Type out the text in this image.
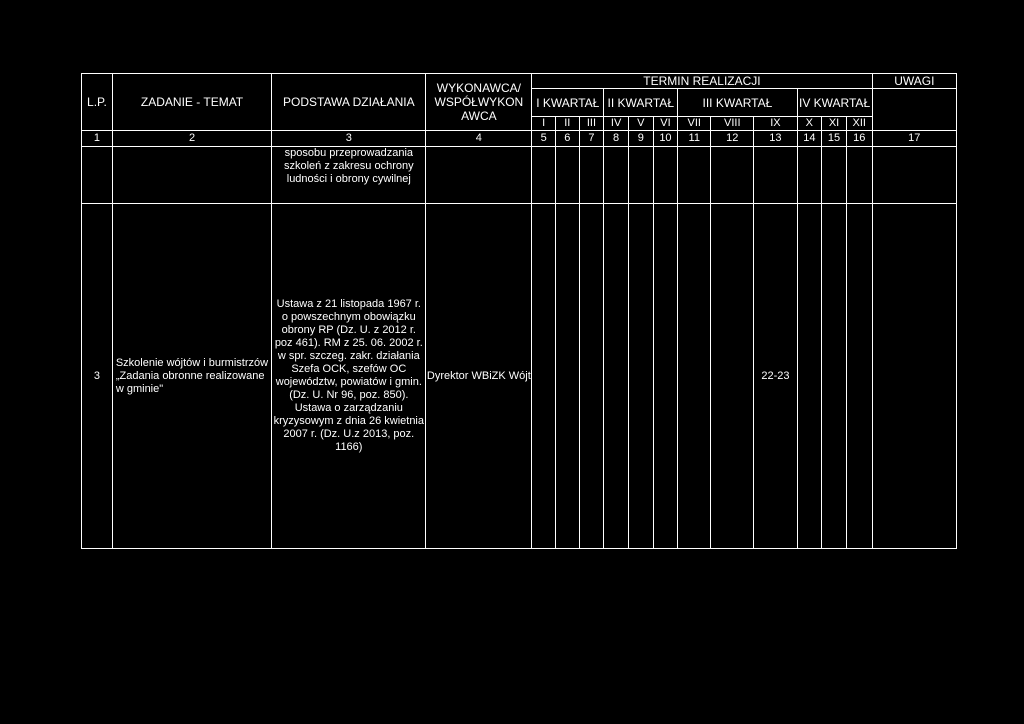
L.P.	ZADANIE - TEMAT	PODSTAWA DZIAŁANIA	WYKONAWCA/ WSPÓŁWYKON AWCA	TERMIN REALIZACJI												UWAGI
				I KWARTAŁ			II KWARTAŁ			III KWARTAŁ			IV KWARTAŁ			
				I	II	III	IV	V	VI	VII	VIII	IX	X	XI	XII	
1	2	3	4	5	6	7	8	9	10	11	12	13	14	15	16	17
		sposobu przeprowadzania szkoleń z zakresu ochrony ludności i obrony cywilnej														
3	Szkolenie wójtów i burmistrzów „Zadania obronne realizowane w gminie"	Ustawa z 21 listopada 1967 r. o powszechnym obowiązku obrony RP (Dz. U. z 2012 r. poz 461). RM z 25. 06. 2002 r. w spr. szczeg. zakr. działania Szefa OCK, szefów OC województw, powiatów i gmin. (Dz. U. Nr 96, poz. 850). Ustawa o zarządzaniu kryzysowym z dnia 26 kwietnia 2007 r. (Dz. U.z 2013, poz. 1166)	Dyrektor WBiZK Wójt									22-23				
